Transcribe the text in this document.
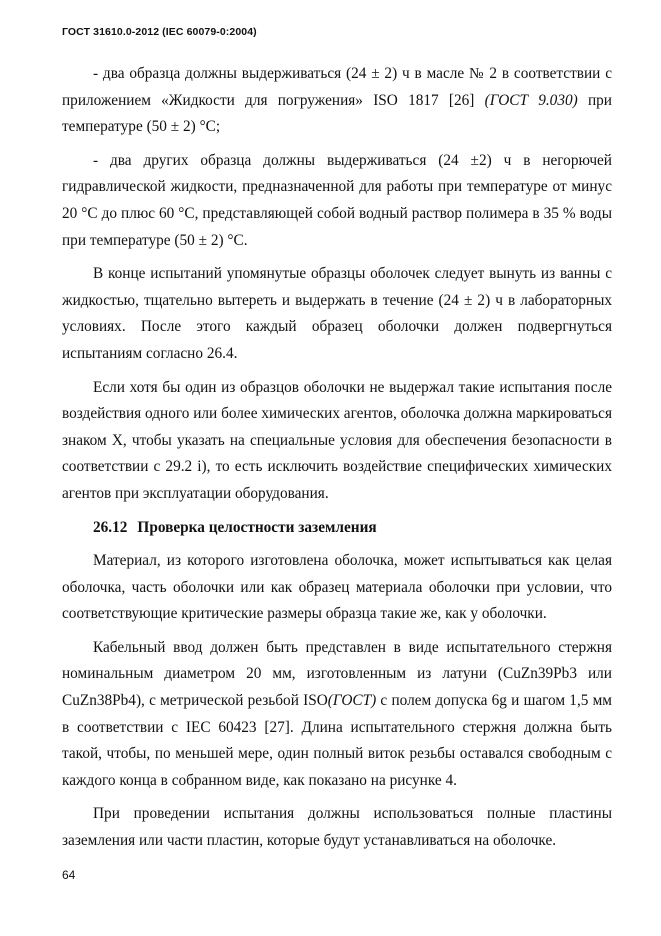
ГОСТ 31610.0-2012 (IEC 60079-0:2004)

- два образца должны выдерживаться (24 ± 2) ч в масле № 2 в соответствии с приложением «Жидкости для погружения» ISO 1817 [26] (ГОСТ 9.030) при температуре (50 ± 2) °С;

- два других образца должны выдерживаться (24 ±2) ч в негорючей гидравлической жидкости, предназначенной для работы при температуре от минус 20 °С до плюс 60 °С, представляющей собой водный раствор полимера в 35 % воды при температуре (50 ± 2) °С.

В конце испытаний упомянутые образцы оболочек следует вынуть из ванны с жидкостью, тщательно вытереть и выдержать в течение (24 ± 2) ч в лабораторных условиях. После этого каждый образец оболочки должен подвергнуться испытаниям согласно 26.4.

Если хотя бы один из образцов оболочки не выдержал такие испытания после воздействия одного или более химических агентов, оболочка должна маркироваться знаком X, чтобы указать на специальные условия для обеспечения безопасности в соответствии с 29.2 i), то есть исключить воздействие специфических химических агентов при эксплуатации оборудования.

26.12 Проверка целостности заземления

Материал, из которого изготовлена оболочка, может испытываться как целая оболочка, часть оболочки или как образец материала оболочки при условии, что соответствующие критические размеры образца такие же, как у оболочки.

Кабельный ввод должен быть представлен в виде испытательного стержня номинальным диаметром 20 мм, изготовленным из латуни (CuZn39Pb3 или CuZn38Pb4), с метрической резьбой ISO(ГОСТ) с полем допуска 6g и шагом 1,5 мм в соответствии с IEC 60423 [27]. Длина испытательного стержня должна быть такой, чтобы, по меньшей мере, один полный виток резьбы оставался свободным с каждого конца в собранном виде, как показано на рисунке 4.

При проведении испытания должны использоваться полные пластины заземления или части пластин, которые будут устанавливаться на оболочке.

64
